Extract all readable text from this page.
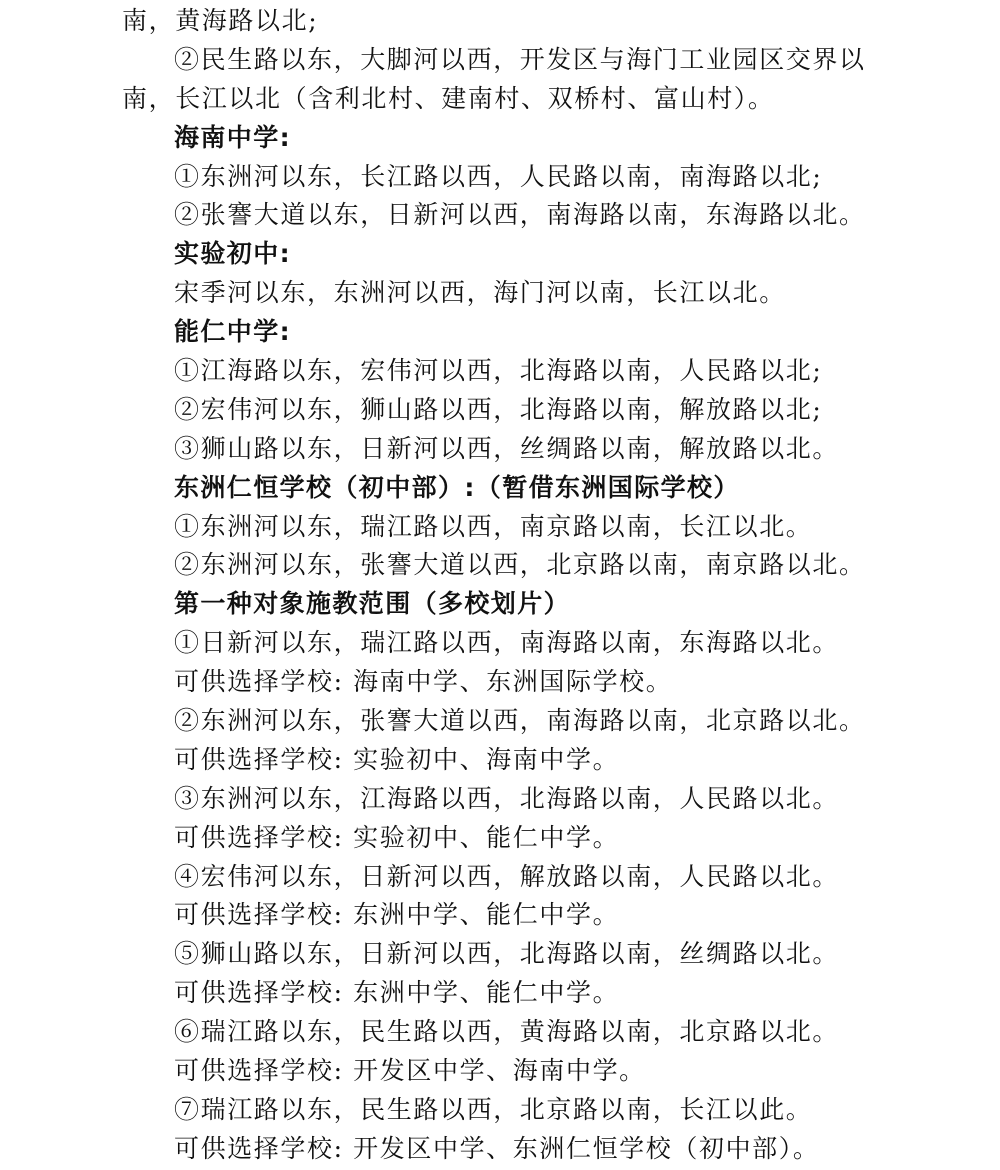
南，黄海路以北;
②民生路以东，大脚河以西，开发区与海门工业园区交界以
南，长江以北（含利北村、建南村、双桥村、富山村）。
海南中学:
①东洲河以东，长江路以西，人民路以南，南海路以北;
②张謇大道以东，日新河以西，南海路以南，东海路以北。
实验初中:
宋季河以东，东洲河以西，海门河以南，长江以北。
能仁中学:
①江海路以东，宏伟河以西，北海路以南，人民路以北;
②宏伟河以东，狮山路以西，北海路以南，解放路以北;
③狮山路以东，日新河以西，丝绸路以南，解放路以北。
东洲仁恒学校（初中部）:（暂借东洲国际学校）
①东洲河以东，瑞江路以西，南京路以南，长江以北。
②东洲河以东，张謇大道以西，北京路以南，南京路以北。
第一种对象施教范围（多校划片）
①日新河以东，瑞江路以西，南海路以南，东海路以北。
可供选择学校: 海南中学、东洲国际学校。
②东洲河以东，张謇大道以西，南海路以南，北京路以北。
可供选择学校: 实验初中、海南中学。
③东洲河以东，江海路以西，北海路以南，人民路以北。
可供选择学校: 实验初中、能仁中学。
④宏伟河以东，日新河以西，解放路以南，人民路以北。
可供选择学校: 东洲中学、能仁中学。
⑤狮山路以东，日新河以西，北海路以南，丝绸路以北。
可供选择学校: 东洲中学、能仁中学。
⑥瑞江路以东，民生路以西，黄海路以南，北京路以北。
可供选择学校: 开发区中学、海南中学。
⑦瑞江路以东，民生路以西，北京路以南，长江以此。
可供选择学校: 开发区中学、东洲仁恒学校（初中部）。
